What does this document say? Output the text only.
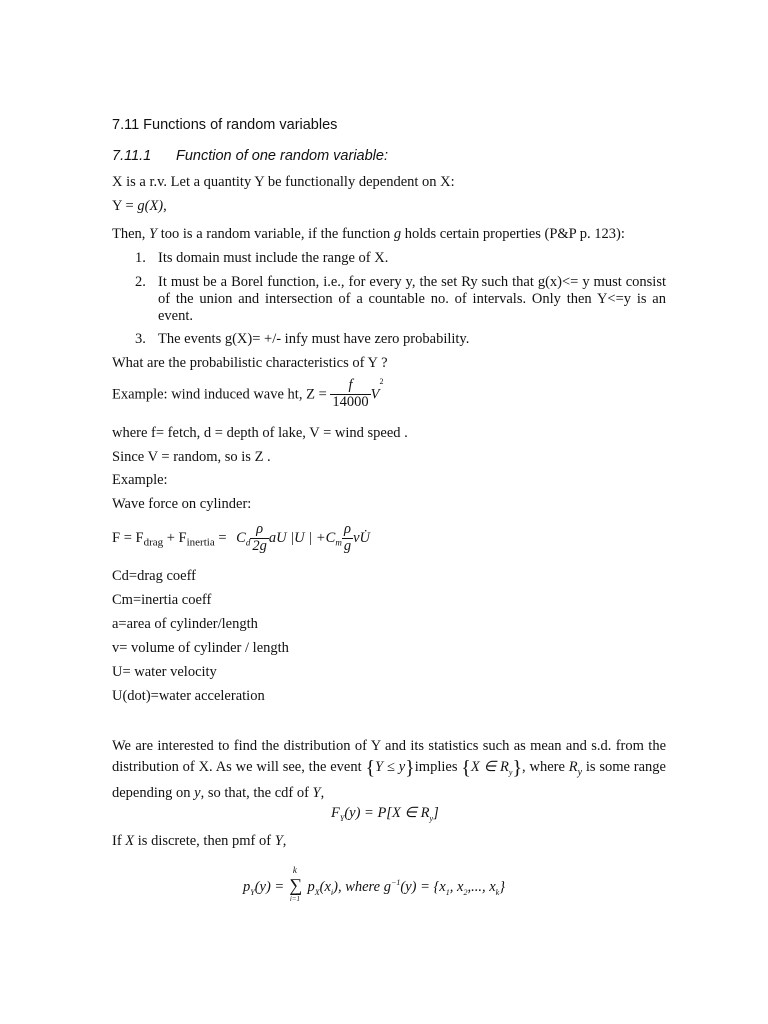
7.11 Functions of random variables
7.11.1 Function of one random variable:
X is a r.v. Let a quantity Y be functionally dependent on X:
Y = g(X),
Then, Y too is a random variable, if the function g holds certain properties (P&P p. 123):
1. Its domain must include the range of X.
2. It must be a Borel function, i.e., for every y, the set Ry such that g(x)<= y must consist of the union and intersection of a countable no. of intervals. Only then Y<=y is an event.
3. The events g(X)= +/- infy must have zero probability.
What are the probabilistic characteristics of Y ?
Example: wind induced wave ht, $Z = \frac{f}{14000} V^2$
where f= fetch, d = depth of lake, V = wind speed .
Since V = random, so is Z .
Example:
Wave force on cylinder:
$F = F_{drag} + F_{inertia} = C_d \frac{\rho}{2g}$ aU |U | $+C_m \frac{\rho}{g}$ vU̇
Cd=drag coeff
Cm=inertia coeff
a=area of cylinder/length
v= volume of cylinder / length
U= water velocity
U(dot)=water acceleration
We are interested to find the distribution of Y and its statistics such as mean and s.d. from the distribution of X. As we will see, the event {Y ≤ y}implies {X ∈ $R_y$}, where $R_y$ is some range depending on y, so that, the cdf of Y,
$F_Y(y) = P[X$ ∈ $R_y$]
If X is discrete, then pmf of Y,
$p_Y(y)$ =
k
∑
i=1
$p_X(x_i)$, where $g^{-1}(y) = \{x_1$, $x_2$,..., $x_k$}
